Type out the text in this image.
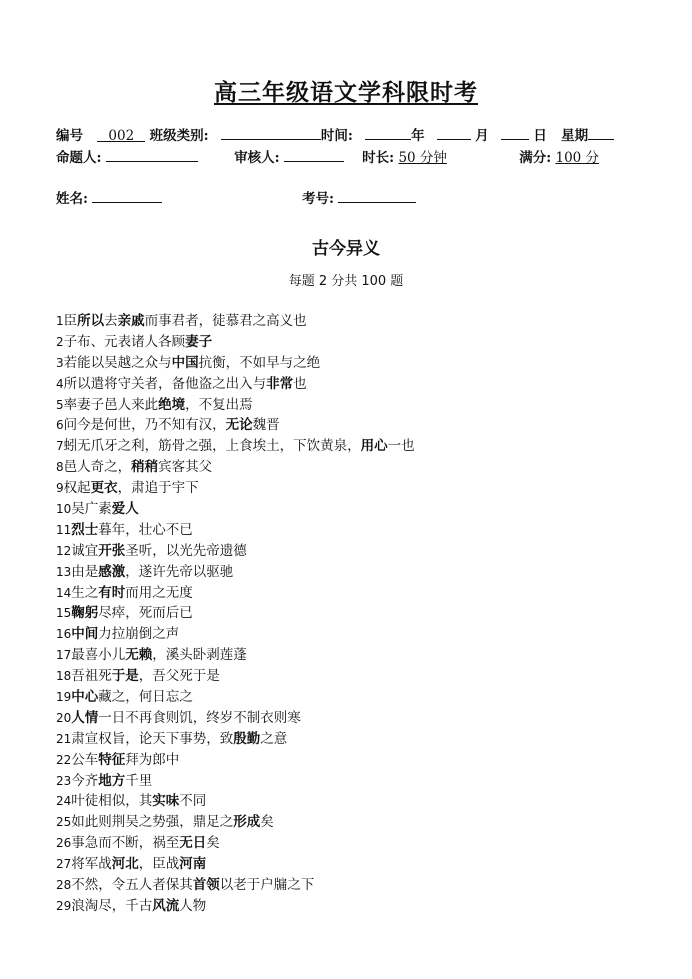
高三年级语文学科限时考
编号 002 班级类别:	时间:	年	月	日 星期
命题人:	审核人:	时长: 50 分钟	满分: 100 分
姓名:	考号:
古今异义
每题 2 分共 100 题
1臣所以去亲戚而事君者，徒慕君之高义也
2子布、元表诸人各顾妻子
3若能以吴越之众与中国抗衡，不如早与之绝
4所以遣将守关者，备他盗之出入与非常也
5率妻子邑人来此绝境，不复出焉
6问今是何世，乃不知有汉，无论魏晋
7蚓无爪牙之利，筋骨之强，上食埃土，下饮黄泉，用心一也
8邑人奇之，稍稍宾客其父
9权起更衣，肃追于宇下
10吴广素爱人
11烈士暮年，壮心不已
12诚宜开张圣听，以光先帝遗德
13由是感激，遂许先帝以驱驰
14生之有时而用之无度
15鞠躬尽瘁，死而后已
16中间力拉崩倒之声
17最喜小儿无赖，溪头卧剥莲蓬
18吾祖死于是，吾父死于是
19中心藏之，何日忘之
20人情一日不再食则饥，终岁不制衣则寒
21肃宣权旨，论天下事势，致殷勤之意
22公车特征拜为郎中
23今齐地方千里
24叶徒相似，其实味不同
25如此则荆吴之势强，鼎足之形成矣
26事急而不断，祸至无日矣
27将军战河北，臣战河南
28不然，令五人者保其首领以老于户牖之下
29浪淘尽，千古风流人物
